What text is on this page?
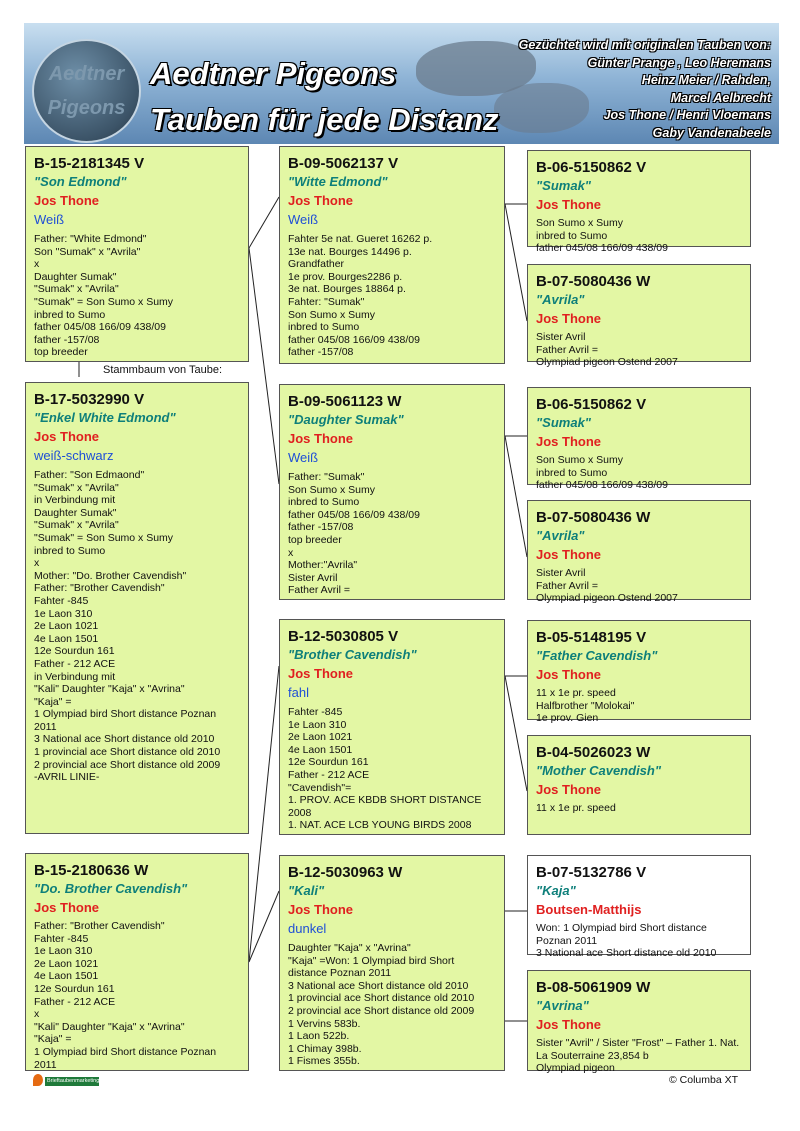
Aedtner
Pigeons
Aedtner Pigeons
Tauben für jede Distanz
Gezüchtet wird mit originalen Tauben von:
Günter Prange , Leo Heremans
Heinz Meier / Rahden,
Marcel Aelbrecht
Jos Thone / Henri Vloemans
Gaby Vandenabeele
Stammbaum von Taube:
B-15-2181345 V
"Son Edmond"
Jos Thone
Weiß
Father: "White Edmond"
Son "Sumak" x "Avrila"
x
Daughter Sumak"
"Sumak" x "Avrila"
"Sumak" = Son Sumo x Sumy
inbred to Sumo
father 045/08 166/09 438/09
father -157/08
top breeder
B-17-5032990 V
"Enkel White Edmond"
Jos Thone
weiß-schwarz
Father: "Son Edmaond"
"Sumak" x "Avrila"
in Verbindung mit
Daughter Sumak"
"Sumak" x "Avrila"
"Sumak" = Son Sumo x Sumy
inbred to Sumo
x
Mother: "Do. Brother Cavendish"
Father: "Brother Cavendish"
Fahter -845
1e Laon 310
2e Laon 1021
4e Laon 1501
12e Sourdun 161
Father - 212 ACE
in Verbindung mit
"Kali" Daughter "Kaja" x "Avrina"
"Kaja" =
1 Olympiad bird Short distance Poznan 2011
3 National ace Short distance old 2010
1 provincial ace Short distance old 2010
2 provincial ace Short distance old 2009
-AVRIL LINIE-
B-15-2180636 W
"Do. Brother Cavendish"
Jos Thone
Father: "Brother Cavendish"
Fahter -845
1e Laon 310
2e Laon 1021
4e Laon 1501
12e Sourdun 161
Father - 212 ACE
x
"Kali" Daughter "Kaja" x "Avrina"
"Kaja" =
1 Olympiad bird Short distance Poznan 2011
B-09-5062137 V
"Witte Edmond"
Jos Thone
Weiß
Fahter 5e nat. Gueret 16262 p.
13e nat. Bourges 14496 p.
Grandfather
1e prov. Bourges2286 p.
3e nat. Bourges 18864 p.
Fahter: "Sumak"
Son Sumo x Sumy
inbred to Sumo
father 045/08 166/09 438/09
father -157/08
B-09-5061123 W
"Daughter Sumak"
Jos Thone
Weiß
Father: "Sumak"
Son Sumo x Sumy
inbred to Sumo
father 045/08 166/09 438/09
father -157/08
top breeder
x
Mother:"Avrila"
Sister Avril
Father Avril =
B-12-5030805 V
"Brother Cavendish"
Jos Thone
fahl
Fahter -845
1e Laon 310
2e Laon 1021
4e Laon 1501
12e Sourdun 161
Father - 212 ACE
"Cavendish"=
1. PROV. ACE KBDB SHORT DISTANCE 2008
1. NAT. ACE LCB YOUNG BIRDS 2008
B-12-5030963 W
"Kali"
Jos Thone
dunkel
Daughter "Kaja" x "Avrina"
"Kaja" =Won: 1 Olympiad bird Short distance Poznan 2011
3 National ace Short distance old 2010
1 provincial ace Short distance old 2010
2 provincial ace Short distance old 2009
1 Vervins 583b.
1 Laon 522b.
1 Chimay 398b.
1 Fismes 355b.
B-06-5150862 V
"Sumak"
Jos Thone
Son Sumo x Sumy
inbred to Sumo
father 045/08 166/09 438/09
B-07-5080436 W
"Avrila"
Jos Thone
Sister Avril
Father Avril =
Olympiad pigeon Ostend 2007
B-06-5150862 V
"Sumak"
Jos Thone
Son Sumo x Sumy
inbred to Sumo
father 045/08 166/09 438/09
B-07-5080436 W
"Avrila"
Jos Thone
Sister Avril
Father Avril =
Olympiad pigeon Ostend 2007
B-05-5148195 V
"Father Cavendish"
Jos Thone
11 x 1e pr. speed
Halfbrother "Molokai"
1e prov. Gien
B-04-5026023 W
"Mother Cavendish"
Jos Thone
11 x 1e pr. speed
B-07-5132786 V
"Kaja"
Boutsen-Matthijs
Won: 1 Olympiad bird Short distance Poznan 2011
3 National ace Short distance old 2010
B-08-5061909 W
"Avrina"
Jos Thone
Sister "Avril" / Sister "Frost" – Father 1. Nat. La Souterraine 23,854 b
Olympiad pigeon
Brieftaubenmarketing	© Columba XT
